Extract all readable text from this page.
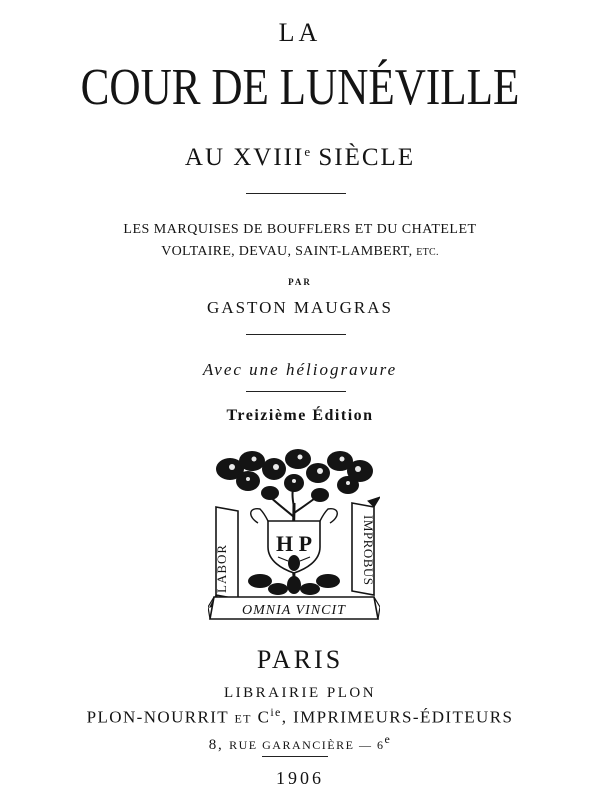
LA
COUR DE LUNÉVILLE
AU XVIIIe SIÈCLE
LES MARQUISES DE BOUFFLERS ET DU CHATELET
VOLTAIRE, DEVAU, SAINT-LAMBERT, ETC.
PAR
GASTON MAUGRAS
Avec une héliogravure
Treizième Édition
H P
LABOR
IMPROBUS
OMNIA VINCIT
PARIS
LIBRAIRIE PLON
PLON-NOURRIT ET $C^{ie}$, IMPRIMEURS-ÉDITEURS
8, RUE GARANCIÈRE — 6e
1906
